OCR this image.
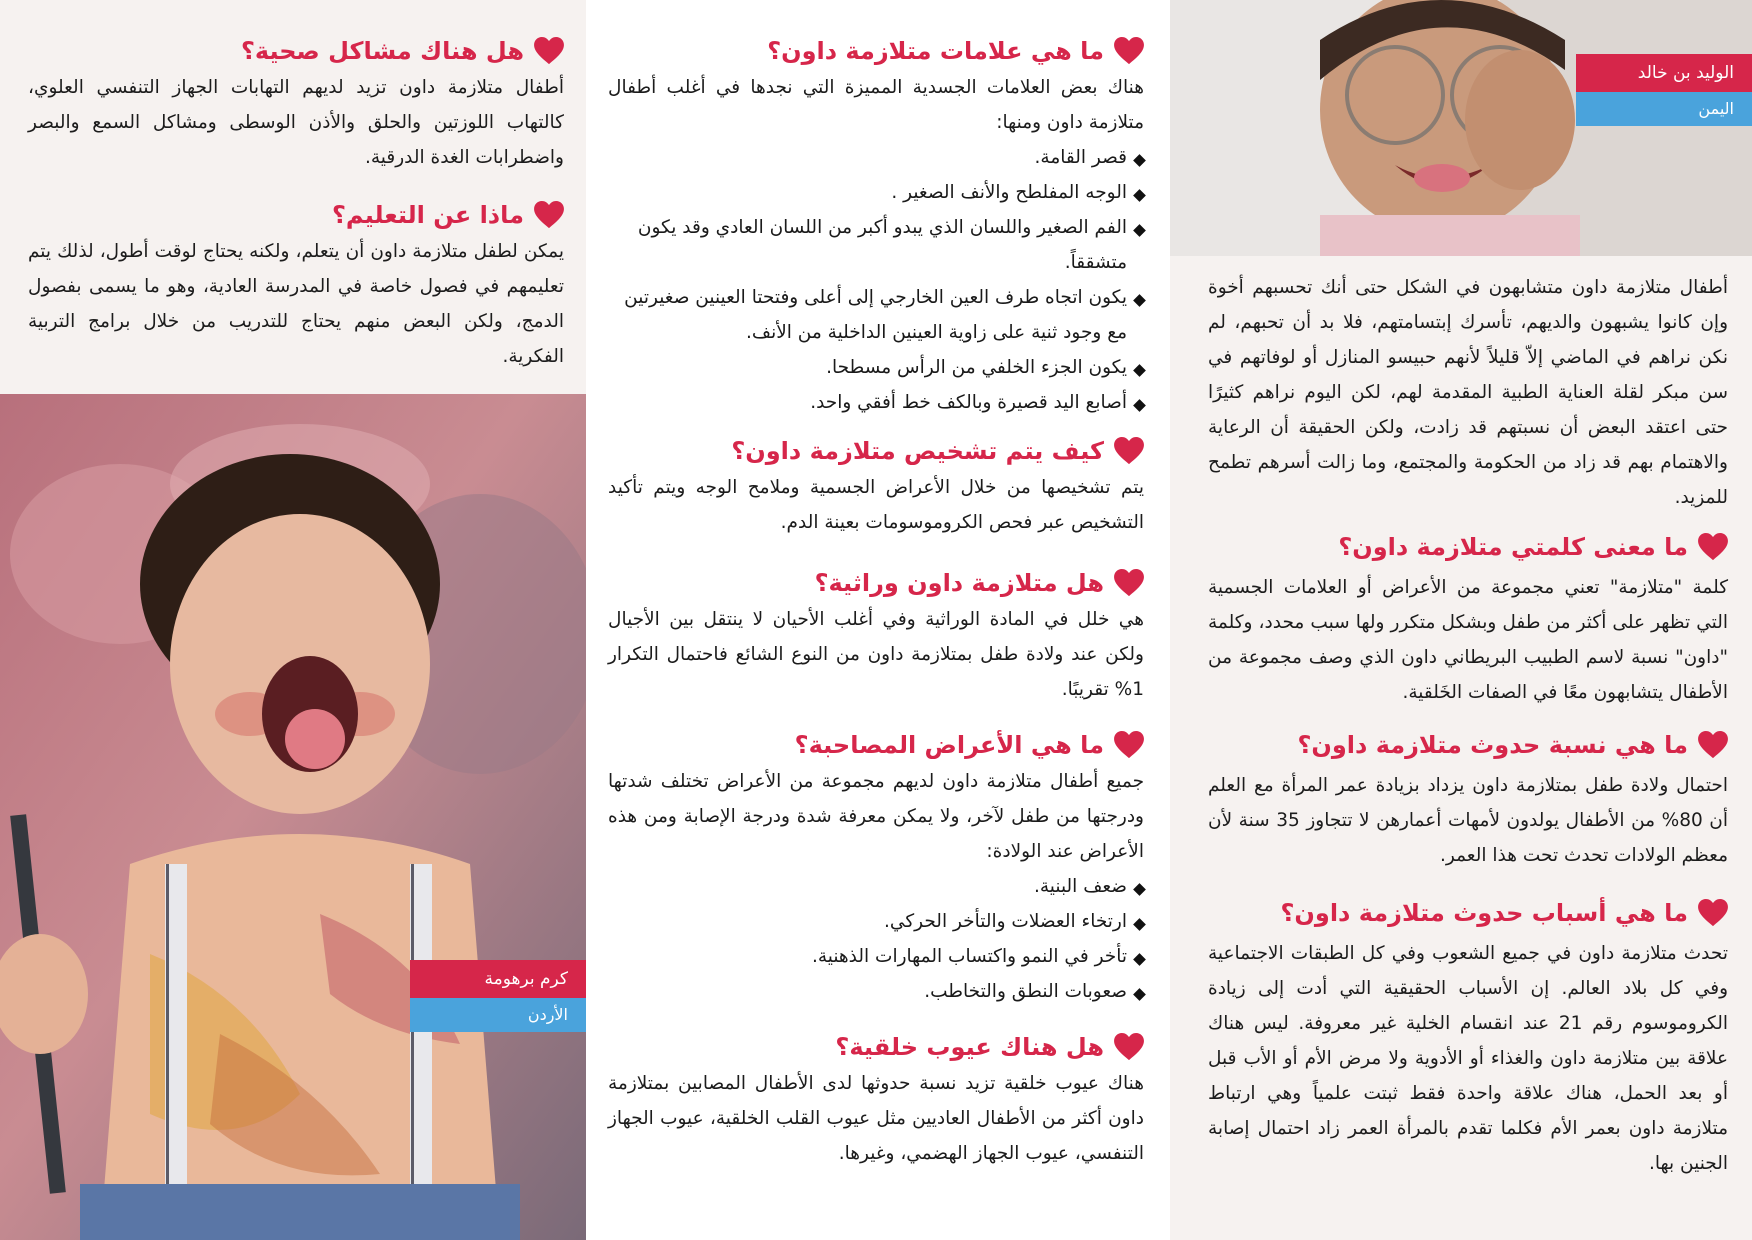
الوليد بن خالد
اليمن

أطفال متلازمة داون متشابهون في الشكل حتى أنك تحسبهم أخوة وإن كانوا يشبهون والديهم، تأسرك إبتسامتهم، فلا بد أن تحبهم، لم نكن نراهم في الماضي إلاّ قليلاً لأنهم حبيسو المنازل أو لوفاتهم في سن مبكر لقلة العناية الطبية المقدمة لهم، لكن اليوم نراهم كثيرًا حتى اعتقد البعض أن نسبتهم قد زادت، ولكن الحقيقة أن الرعاية والاهتمام بهم قد زاد من الحكومة والمجتمع، وما زالت أسرهم تطمح للمزيد.

ما معنى كلمتي متلازمة داون؟

كلمة "متلازمة" تعني مجموعة من الأعراض أو العلامات الجسمية التي تظهر على أكثر من طفل وبشكل متكرر ولها سبب محدد، وكلمة "داون" نسبة لاسم الطبيب البريطاني داون الذي وصف مجموعة من الأطفال يتشابهون معًا في الصفات الخَلقية.

ما هي نسبة حدوث متلازمة داون؟

احتمال ولادة طفل بمتلازمة داون يزداد بزيادة عمر المرأة مع العلم أن 80% من الأطفال يولدون لأمهات أعمارهن لا تتجاوز 35 سنة لأن معظم الولادات تحدث تحت هذا العمر.

ما هي أسباب حدوث متلازمة داون؟

تحدث متلازمة داون في جميع الشعوب وفي كل الطبقات الاجتماعية وفي كل بلاد العالم. إن الأسباب الحقيقية التي أدت إلى زيادة الكروموسوم رقم 21 عند انقسام الخلية غير معروفة. ليس هناك علاقة بين متلازمة داون والغذاء أو الأدوية ولا مرض الأم أو الأب قبل أو بعد الحمل، هناك علاقة واحدة فقط ثبتت علمياً وهي ارتباط متلازمة داون بعمر الأم فكلما تقدم بالمرأة العمر زاد احتمال إصابة الجنين بها.

ما هي علامات متلازمة داون؟

هناك بعض العلامات الجسدية المميزة التي نجدها في أغلب أطفال متلازمة داون ومنها:

قصر القامة.
الوجه المفلطح والأنف الصغير .
الفم الصغير واللسان الذي يبدو أكبر من اللسان العادي وقد يكون متشققاً.
يكون اتجاه طرف العين الخارجي إلى أعلى وفتحتا العينين صغيرتين مع وجود ثنية على زاوية العينين الداخلية من الأنف.
يكون الجزء الخلفي من الرأس مسطحا.
أصابع اليد قصيرة وبالكف خط أفقي واحد.
كيف يتم تشخيص متلازمة داون؟

يتم تشخيصها من خلال الأعراض الجسمية وملامح الوجه ويتم تأكيد التشخيص عبر فحص الكروموسومات بعينة الدم.

هل متلازمة داون وراثية؟

هي خلل في المادة الوراثية وفي أغلب الأحيان لا ينتقل بين الأجيال ولكن عند ولادة طفل بمتلازمة داون من النوع الشائع فاحتمال التكرار 1% تقريبًا.

ما هي الأعراض المصاحبة؟

جميع أطفال متلازمة داون لديهم مجموعة من الأعراض تختلف شدتها ودرجتها من طفل لآخر، ولا يمكن معرفة شدة ودرجة الإصابة ومن هذه الأعراض عند الولادة:

ضعف البنية.
ارتخاء العضلات والتأخر الحركي.
تأخر في النمو واكتساب المهارات الذهنية.
صعوبات النطق والتخاطب.
هل هناك عيوب خلقية؟

هناك عيوب خلقية تزيد نسبة حدوثها لدى الأطفال المصابين بمتلازمة داون أكثر من الأطفال العاديين مثل عيوب القلب الخلقية، عيوب الجهاز التنفسي، عيوب الجهاز الهضمي، وغيرها.

هل هناك مشاكل صحية؟

أطفال متلازمة داون تزيد لديهم التهابات الجهاز التنفسي العلوي، كالتهاب اللوزتين والحلق والأذن الوسطى ومشاكل السمع والبصر واضطرابات الغدة الدرقية.

ماذا عن التعليم؟

يمكن لطفل متلازمة داون أن يتعلم، ولكنه يحتاج لوقت أطول، لذلك يتم تعليمهم في فصول خاصة في المدرسة العادية، وهو ما يسمى بفصول الدمج، ولكن البعض منهم يحتاج للتدريب من خلال برامج التربية الفكرية.

كرم برهومة
الأردن
